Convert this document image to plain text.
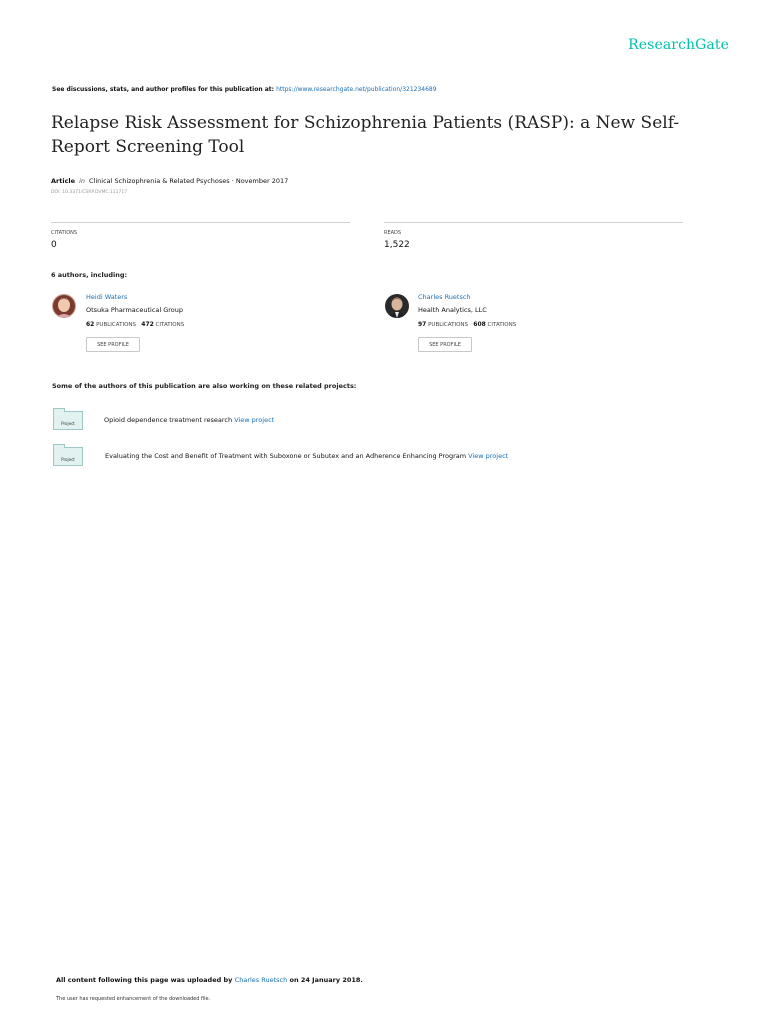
ResearchGate
See discussions, stats, and author profiles for this publication at: https://www.researchgate.net/publication/321234689
Relapse Risk Assessment for Schizophrenia Patients (RASP): a New Self-Report Screening Tool
Article in Clinical Schizophrenia & Related Psychoses · November 2017
DOI: 10.3371/CSRP.DVMC.111717
CITATIONS
0
READS
1,522
6 authors, including:
Heidi Waters
Otsuka Pharmaceutical Group
62 PUBLICATIONS 472 CITATIONS
SEE PROFILE
Charles Ruetsch
Health Analytics, LLC
97 PUBLICATIONS 608 CITATIONS
SEE PROFILE
Some of the authors of this publication are also working on these related projects:
Project	Opioid dependence treatment research View project
Project	Evaluating the Cost and Benefit of Treatment with Suboxone or Subutex and an Adherence Enhancing Program View project
All content following this page was uploaded by Charles Ruetsch on 24 January 2018.
The user has requested enhancement of the downloaded file.
